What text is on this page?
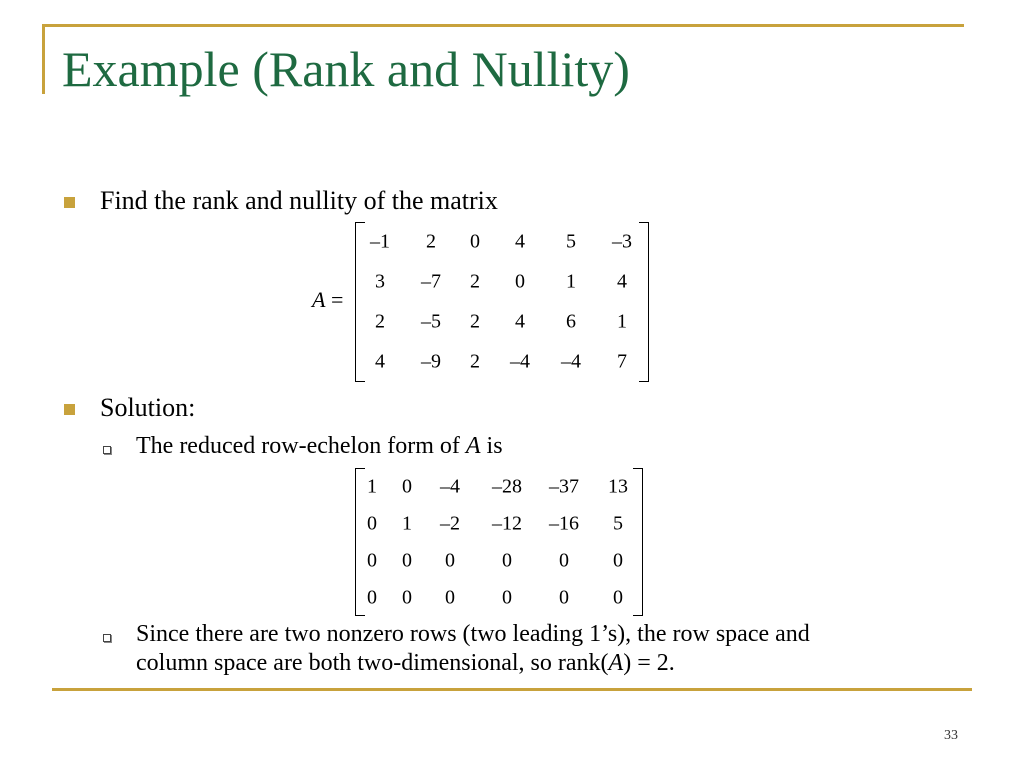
Example (Rank and Nullity)
Find the rank and nullity of the matrix
A =
–1 2 0 4 5 –3
3 –7 2 0 1 4
2 –5 2 4 6 1
4 –9 2 –4 –4 7
Solution:
The reduced row-echelon form of A is
1 0 –4 –28 –37 13
0 1 –2 –12 –16 5
0 0 0 0 0 0
0 0 0 0 0 0
Since there are two nonzero rows (two leading 1’s), the row space and
column space are both two-dimensional, so rank(A) = 2.
33
